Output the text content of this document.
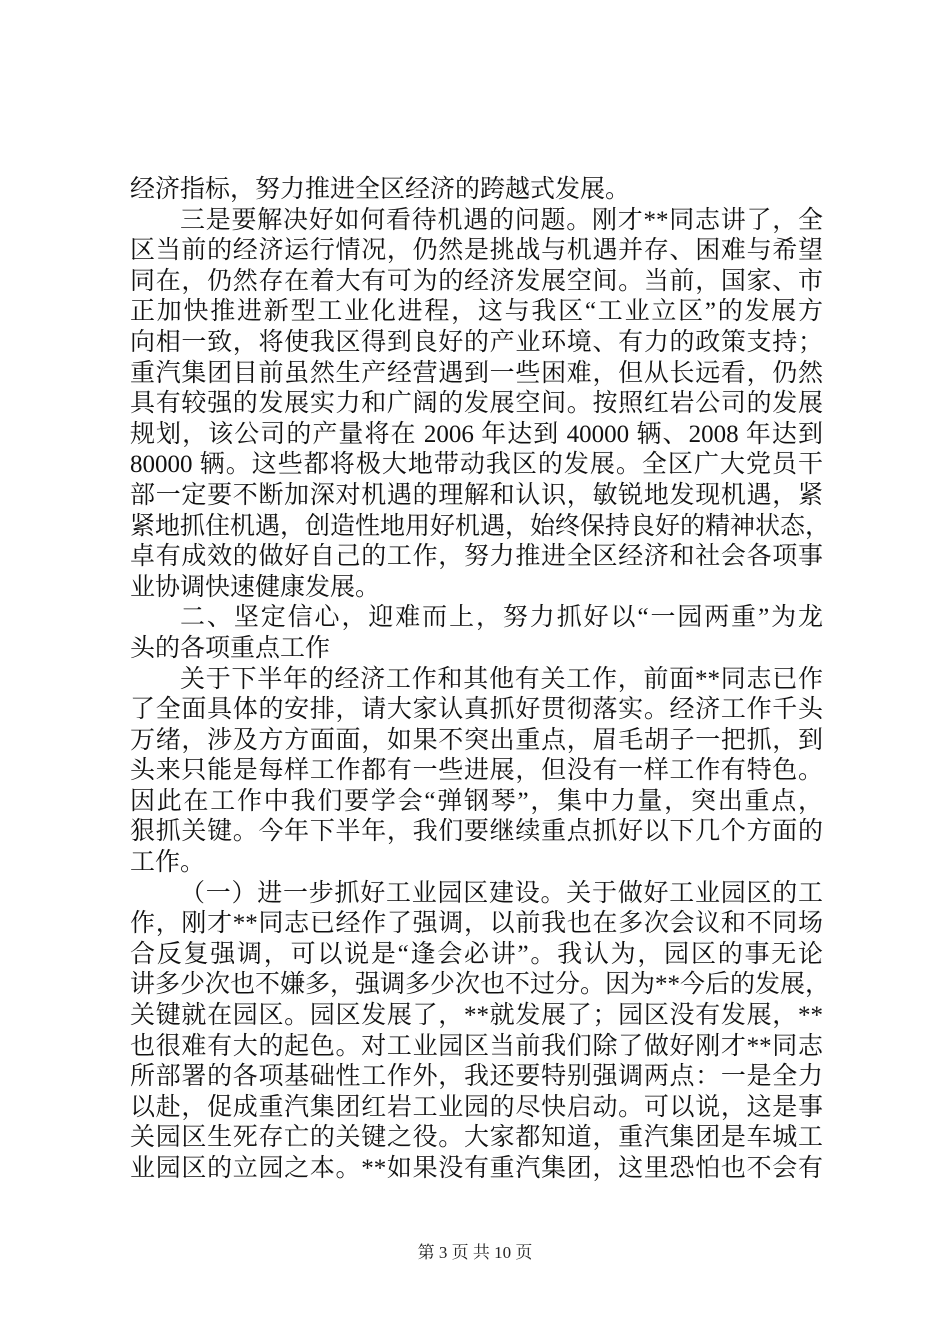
经济指标，努力推进全区经济的跨越式发展。
三是要解决好如何看待机遇的问题。刚才**同志讲了，全
区当前的经济运行情况，仍然是挑战与机遇并存、困难与希望
同在，仍然存在着大有可为的经济发展空间。当前，国家、市
正加快推进新型工业化进程，这与我区“工业立区”的发展方
向相一致，将使我区得到良好的产业环境、有力的政策支持；
重汽集团目前虽然生产经营遇到一些困难，但从长远看，仍然
具有较强的发展实力和广阔的发展空间。按照红岩公司的发展
规划，该公司的产量将在 2006 年达到 40000 辆、2008 年达到
80000 辆。这些都将极大地带动我区的发展。全区广大党员干
部一定要不断加深对机遇的理解和认识，敏锐地发现机遇，紧
紧地抓住机遇，创造性地用好机遇，始终保持良好的精神状态，
卓有成效的做好自己的工作，努力推进全区经济和社会各项事
业协调快速健康发展。
二、坚定信心，迎难而上，努力抓好以“一园两重”为龙
头的各项重点工作
关于下半年的经济工作和其他有关工作，前面**同志已作
了全面具体的安排，请大家认真抓好贯彻落实。经济工作千头
万绪，涉及方方面面，如果不突出重点，眉毛胡子一把抓，到
头来只能是每样工作都有一些进展，但没有一样工作有特色。
因此在工作中我们要学会“弹钢琴”，集中力量，突出重点，
狠抓关键。今年下半年，我们要继续重点抓好以下几个方面的
工作。
（一）进一步抓好工业园区建设。关于做好工业园区的工
作，刚才**同志已经作了强调，以前我也在多次会议和不同场
合反复强调，可以说是“逢会必讲”。我认为，园区的事无论
讲多少次也不嫌多，强调多少次也不过分。因为**今后的发展，
关键就在园区。园区发展了，**就发展了；园区没有发展，**
也很难有大的起色。对工业园区当前我们除了做好刚才**同志
所部署的各项基础性工作外，我还要特别强调两点：一是全力
以赴，促成重汽集团红岩工业园的尽快启动。可以说，这是事
关园区生死存亡的关键之役。大家都知道，重汽集团是车城工
业园区的立园之本。**如果没有重汽集团，这里恐怕也不会有
第 3 页 共 10 页
